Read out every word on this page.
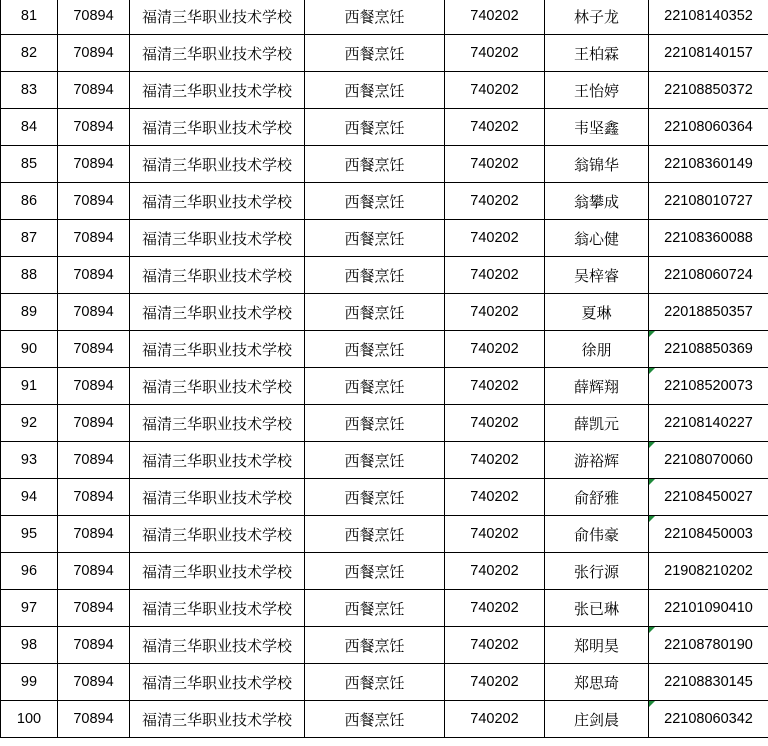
81	70894	福清三华职业技术学校	西餐烹饪	740202	林子龙	22108140352
82	70894	福清三华职业技术学校	西餐烹饪	740202	王柏霖	22108140157
83	70894	福清三华职业技术学校	西餐烹饪	740202	王怡婷	22108850372
84	70894	福清三华职业技术学校	西餐烹饪	740202	韦坚鑫	22108060364
85	70894	福清三华职业技术学校	西餐烹饪	740202	翁锦华	22108360149
86	70894	福清三华职业技术学校	西餐烹饪	740202	翁攀成	22108010727
87	70894	福清三华职业技术学校	西餐烹饪	740202	翁心健	22108360088
88	70894	福清三华职业技术学校	西餐烹饪	740202	吴梓睿	22108060724
89	70894	福清三华职业技术学校	西餐烹饪	740202	夏琳	22018850357
90	70894	福清三华职业技术学校	西餐烹饪	740202	徐朋	22108850369
91	70894	福清三华职业技术学校	西餐烹饪	740202	薛辉翔	22108520073
92	70894	福清三华职业技术学校	西餐烹饪	740202	薛凯元	22108140227
93	70894	福清三华职业技术学校	西餐烹饪	740202	游裕辉	22108070060
94	70894	福清三华职业技术学校	西餐烹饪	740202	俞舒雅	22108450027
95	70894	福清三华职业技术学校	西餐烹饪	740202	俞伟豪	22108450003
96	70894	福清三华职业技术学校	西餐烹饪	740202	张行源	21908210202
97	70894	福清三华职业技术学校	西餐烹饪	740202	张已琳	22101090410
98	70894	福清三华职业技术学校	西餐烹饪	740202	郑明昊	22108780190
99	70894	福清三华职业技术学校	西餐烹饪	740202	郑思琦	22108830145
100	70894	福清三华职业技术学校	西餐烹饪	740202	庄剑晨	22108060342
